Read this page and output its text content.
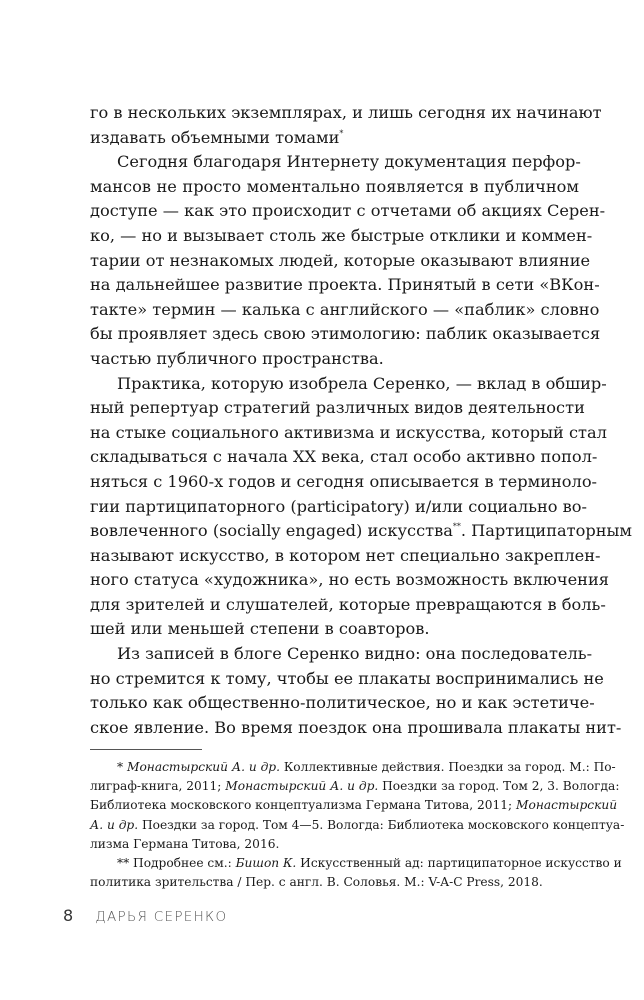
го в нескольких экземплярах, и лишь сегодня их начинают
издавать объемными томами*
Сегодня благодаря Интернету документация перфор-
мансов не просто моментально появляется в публичном
доступе — как это происходит с отчетами об акциях Серен-
ко, — но и вызывает столь же быстрые отклики и коммен-
тарии от незнакомых людей, которые оказывают влияние
на дальнейшее развитие проекта. Принятый в сети «ВКон-
такте» термин — калька с английского — «паблик» словно
бы проявляет здесь свою этимологию: паблик оказывается
частью публичного пространства.
Практика, которую изобрела Серенко, — вклад в обшир-
ный репертуар стратегий различных видов деятельности
на стыке социального активизма и искусства, который стал
складываться с начала XX века, стал особо активно попол-
няться с 1960-х годов и сегодня описывается в терминоло-
гии партиципаторного (participatory) и/или социально во-
вовлеченного (socially engaged) искусства**. Партиципаторным
называют искусство, в котором нет специально закреплен-
ного статуса «художника», но есть возможность включения
для зрителей и слушателей, которые превращаются в боль-
шей или меньшей степени в соавторов.
Из записей в блоге Серенко видно: она последователь-
но стремится к тому, чтобы ее плакаты воспринимались не
только как общественно-политическое, но и как эстетиче-
ское явление. Во время поездок она прошивала плакаты нит-
* Монастырский А. и др. Коллективные действия. Поездки за город. М.: По-
лиграф-книга, 2011; Монастырский А. и др. Поездки за город. Том 2, 3. Вологда:
Библиотека московского концептуализма Германа Титова, 2011; Монастырский
А. и др. Поездки за город. Том 4—5. Вологда: Библиотека московского концептуа-
лизма Германа Титова, 2016.
** Подробнее см.: Бишоп К. Искусственный ад: партиципаторное искусство и
политика зрительства / Пер. с англ. В. Соловья. М.: V-A-C Press, 2018.
8 ДАРЬЯ СЕРЕНКО
